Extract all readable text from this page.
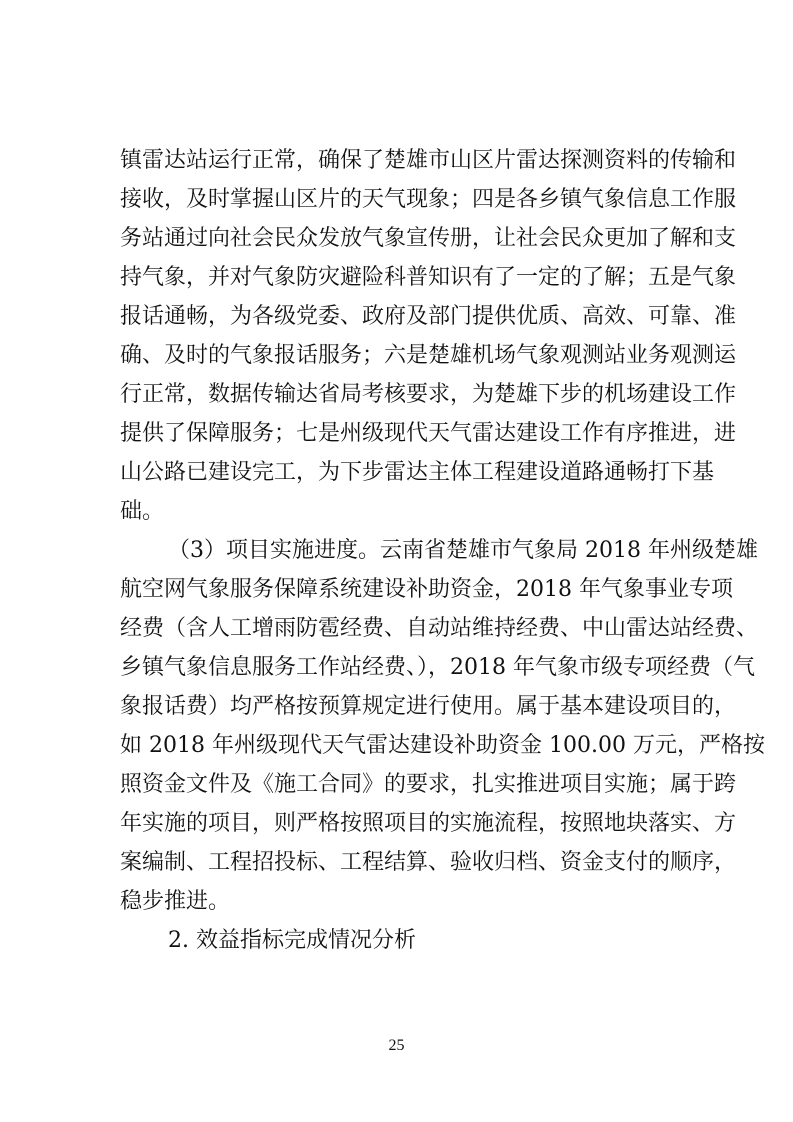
镇雷达站运行正常，确保了楚雄市山区片雷达探测资料的传输和
接收，及时掌握山区片的天气现象；四是各乡镇气象信息工作服
务站通过向社会民众发放气象宣传册，让社会民众更加了解和支
持气象，并对气象防灾避险科普知识有了一定的了解；五是气象
报话通畅，为各级党委、政府及部门提供优质、高效、可靠、准
确、及时的气象报话服务；六是楚雄机场气象观测站业务观测运
行正常，数据传输达省局考核要求，为楚雄下步的机场建设工作
提供了保障服务；七是州级现代天气雷达建设工作有序推进，进
山公路已建设完工，为下步雷达主体工程建设道路通畅打下基
础。
（3）项目实施进度。云南省楚雄市气象局 2018 年州级楚雄
航空网气象服务保障系统建设补助资金，2018 年气象事业专项
经费（含人工增雨防雹经费、自动站维持经费、中山雷达站经费、
乡镇气象信息服务工作站经费、），2018 年气象市级专项经费（气
象报话费）均严格按预算规定进行使用。属于基本建设项目的，
如 2018 年州级现代天气雷达建设补助资金 100.00 万元，严格按
照资金文件及《施工合同》的要求，扎实推进项目实施；属于跨
年实施的项目，则严格按照项目的实施流程，按照地块落实、方
案编制、工程招投标、工程结算、验收归档、资金支付的顺序，
稳步推进。
2. 效益指标完成情况分析
25
